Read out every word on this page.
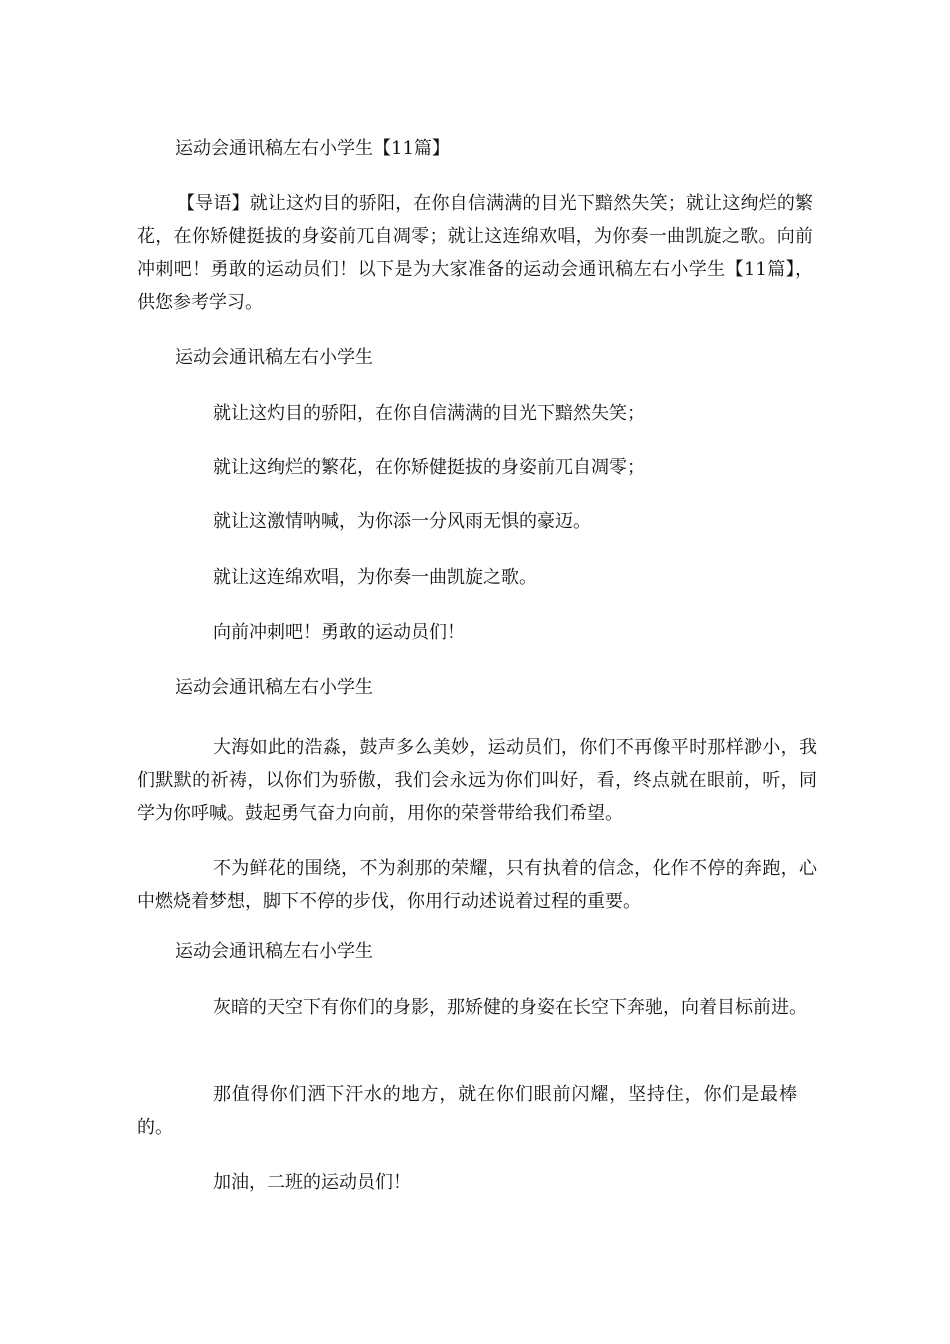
运动会通讯稿左右小学生【11篇】

【导语】就让这灼目的骄阳，在你自信满满的目光下黯然失笑；就让这绚烂的繁花，在你矫健挺拔的身姿前兀自凋零；就让这连绵欢唱，为你奏一曲凯旋之歌。向前冲刺吧！勇敢的运动员们！以下是为大家准备的运动会通讯稿左右小学生【11篇】，供您参考学习。

运动会通讯稿左右小学生

就让这灼目的骄阳，在你自信满满的目光下黯然失笑；

就让这绚烂的繁花，在你矫健挺拔的身姿前兀自凋零；

就让这激情呐喊，为你添一分风雨无惧的豪迈。

就让这连绵欢唱，为你奏一曲凯旋之歌。

向前冲刺吧！勇敢的运动员们！

运动会通讯稿左右小学生

大海如此的浩淼，鼓声多么美妙，运动员们，你们不再像平时那样渺小，我们默默的祈祷，以你们为骄傲，我们会永远为你们叫好，看，终点就在眼前，听，同学为你呼喊。鼓起勇气奋力向前，用你的荣誉带给我们希望。

不为鲜花的围绕，不为刹那的荣耀，只有执着的信念，化作不停的奔跑，心中燃烧着梦想，脚下不停的步伐，你用行动述说着过程的重要。

运动会通讯稿左右小学生

灰暗的天空下有你们的身影，那矫健的身姿在长空下奔驰，向着目标前进。

那值得你们洒下汗水的地方，就在你们眼前闪耀，坚持住，你们是最棒的。

加油，二班的运动员们！
